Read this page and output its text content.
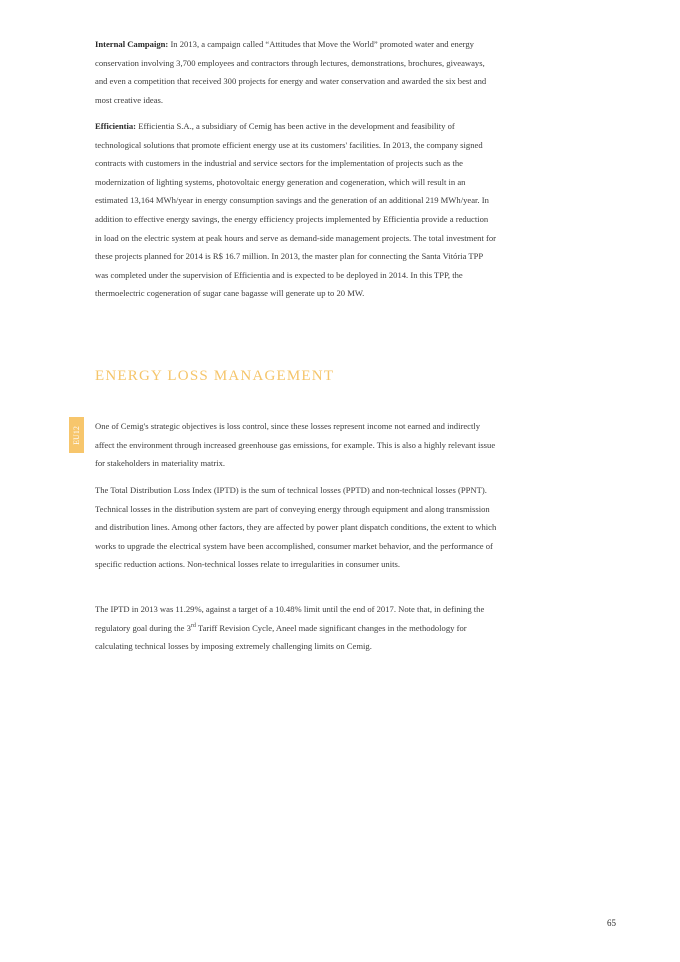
Internal Campaign: In 2013, a campaign called “Attitudes that Move the World” promoted water and energy conservation involving 3,700 employees and contractors through lectures, demonstrations, brochures, giveaways, and even a competition that received 300 projects for energy and water conservation and awarded the six best and most creative ideas.

Efficientia: Efficientia S.A., a subsidiary of Cemig has been active in the development and feasibility of technological solutions that promote efficient energy use at its customers' facilities. In 2013, the company signed contracts with customers in the industrial and service sectors for the implementation of projects such as the modernization of lighting systems, photovoltaic energy generation and cogeneration, which will result in an estimated 13,164 MWh/year in energy consumption savings and the generation of an additional 219 MWh/year. In addition to effective energy savings, the energy efficiency projects implemented by Efficientia provide a reduction in load on the electric system at peak hours and serve as demand-side management projects. The total investment for these projects planned for 2014 is R$ 16.7 million. In 2013, the master plan for connecting the Santa Vitória TPP was completed under the supervision of Efficientia and is expected to be deployed in 2014. In this TPP, the thermoelectric cogeneration of sugar cane bagasse will generate up to 20 MW.

ENERGY LOSS MANAGEMENT
EU12 One of Cemig's strategic objectives is loss control, since these losses represent income not earned and indirectly affect the environment through increased greenhouse gas emissions, for example. This is also a highly relevant issue for stakeholders in materiality matrix.

The Total Distribution Loss Index (IPTD) is the sum of technical losses (PPTD) and non-technical losses (PPNT). Technical losses in the distribution system are part of conveying energy through equipment and along transmission and distribution lines. Among other factors, they are affected by power plant dispatch conditions, the extent to which works to upgrade the electrical system have been accomplished, consumer market behavior, and the performance of specific reduction actions. Non-technical losses relate to irregularities in consumer units.

The IPTD in 2013 was 11.29%, against a target of a 10.48% limit until the end of 2017. Note that, in defining the regulatory goal during the 3rd Tariff Revision Cycle, Aneel made significant changes in the methodology for calculating technical losses by imposing extremely challenging limits on Cemig.

65
